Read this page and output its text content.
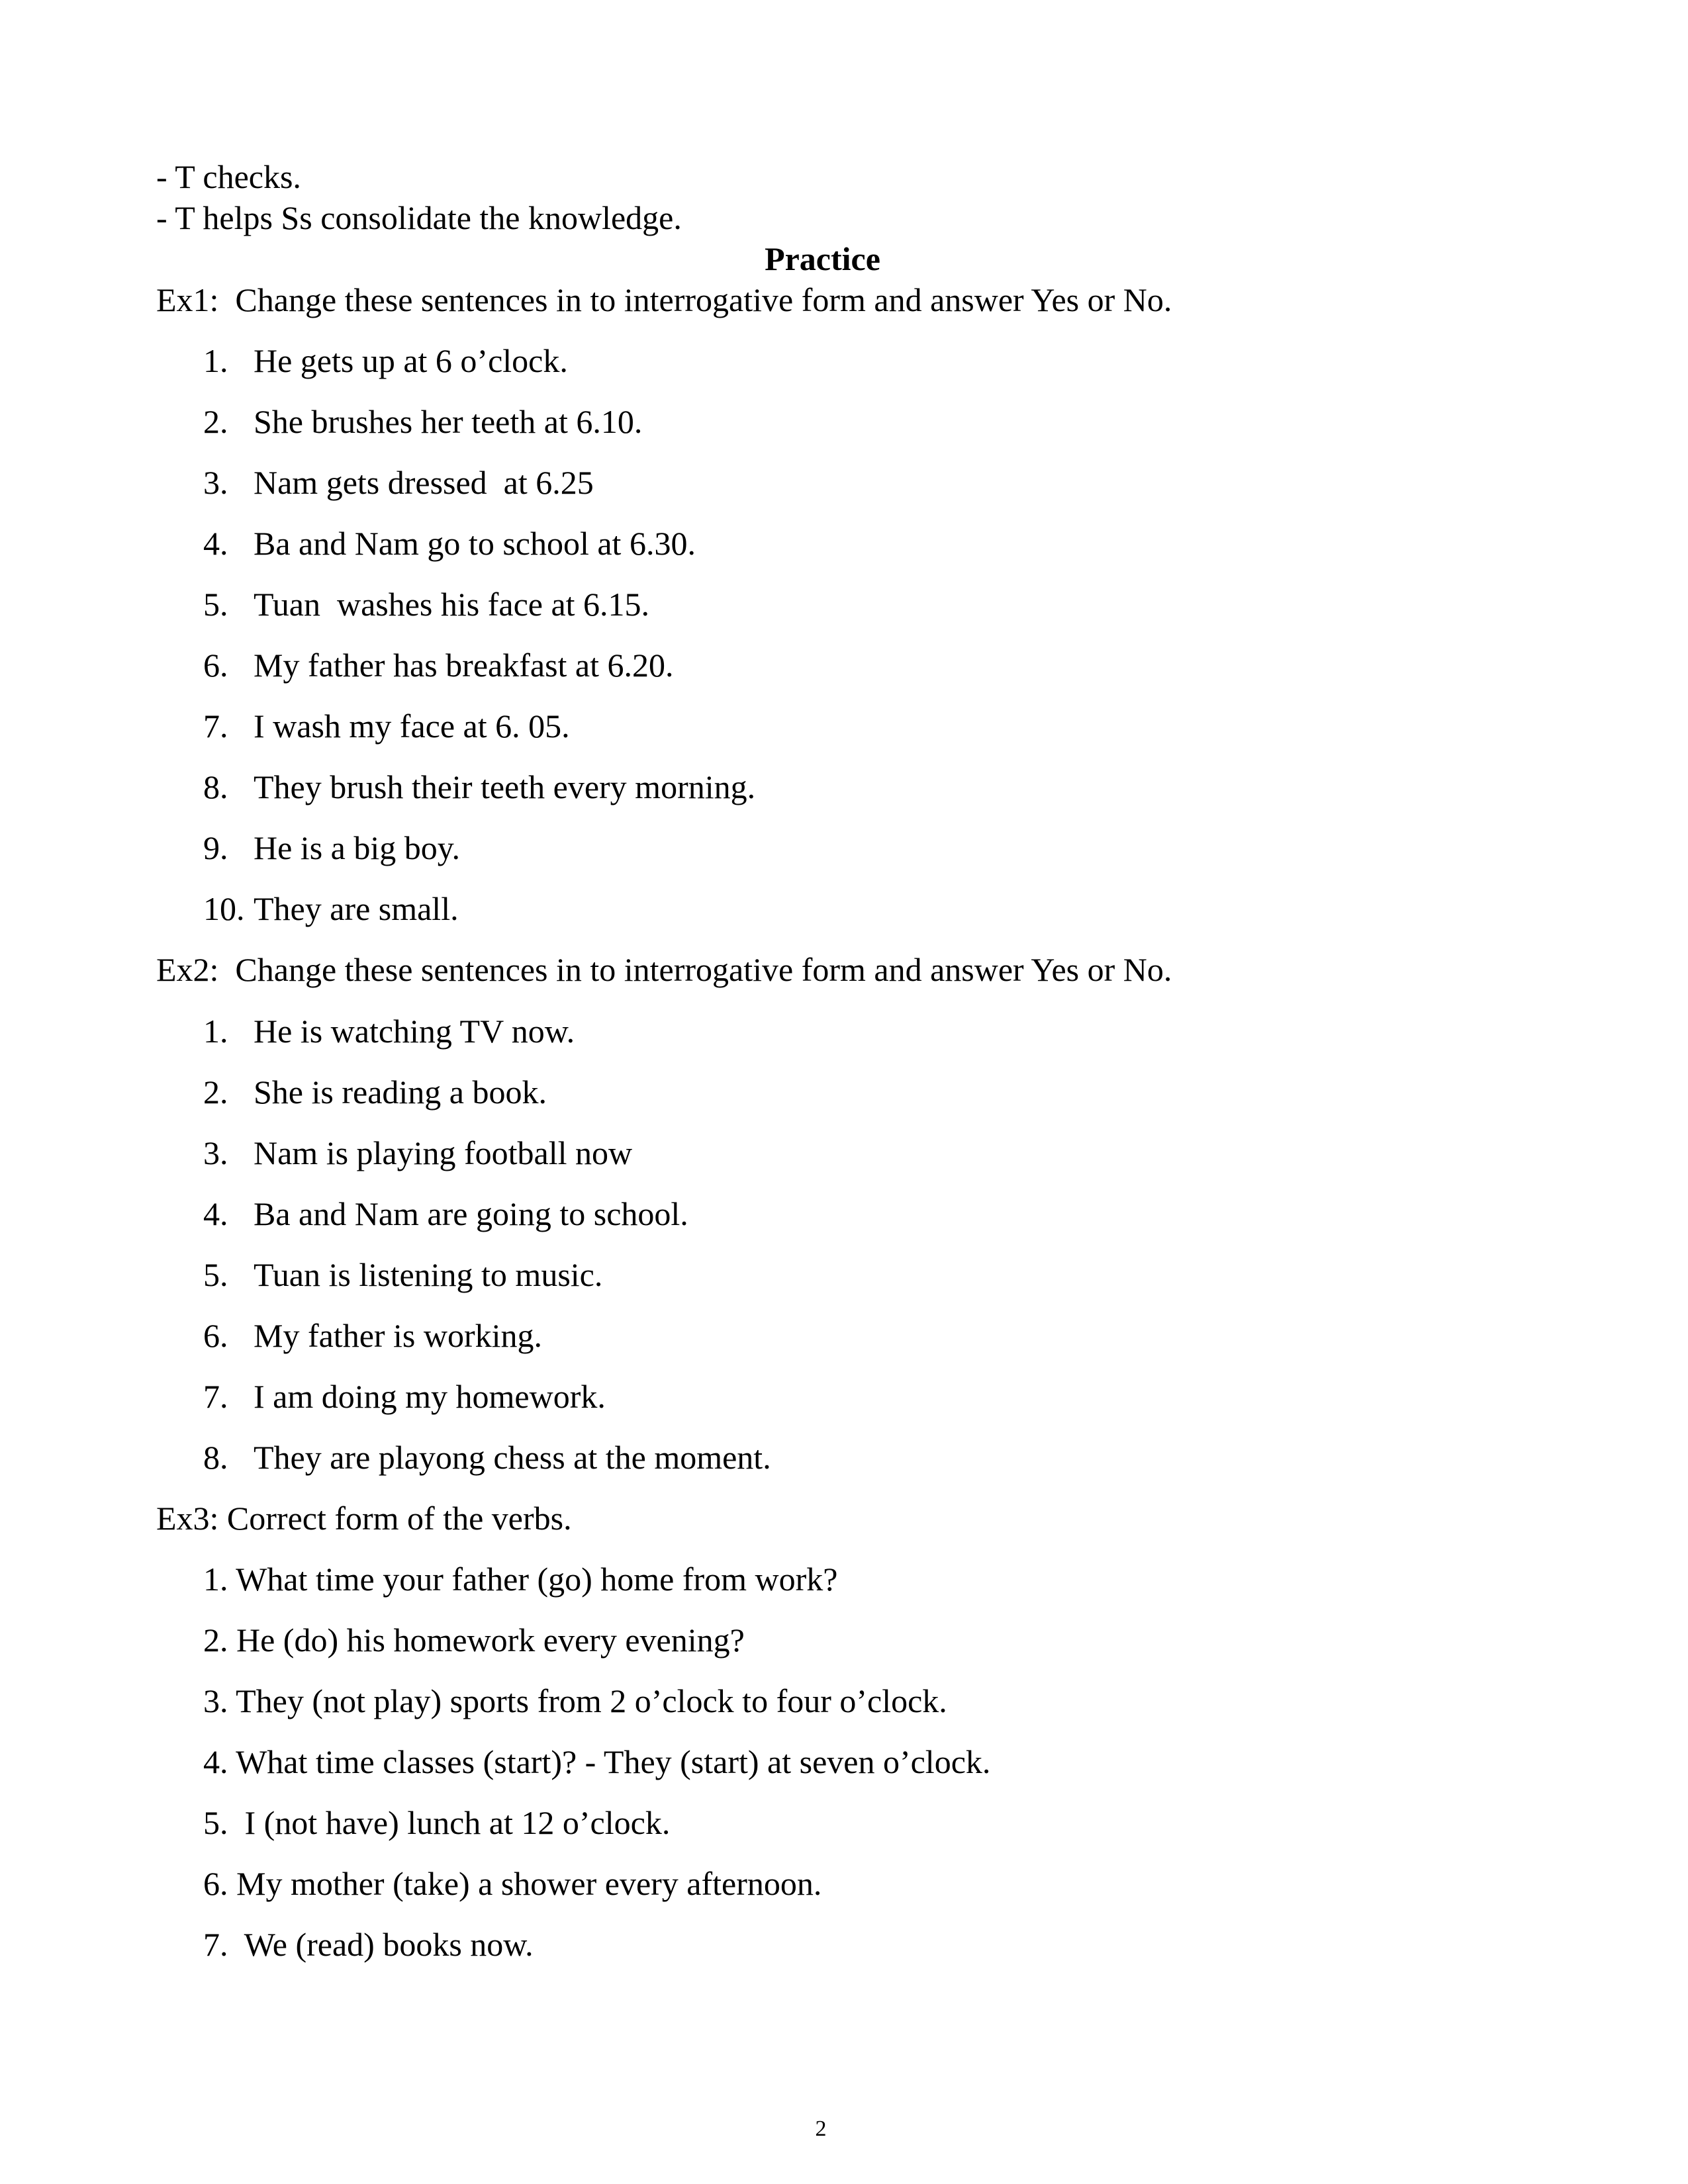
- T checks.
- T helps Ss consolidate the knowledge.
Practice
Ex1:  Change these sentences in to interrogative form and answer Yes or No.
1. He gets up at 6 o’clock.
2. She brushes her teeth at 6.10.
3. Nam gets dressed  at 6.25
4. Ba and Nam go to school at 6.30.
5. Tuan  washes his face at 6.15.
6. My father has breakfast at 6.20.
7. I wash my face at 6. 05.
8. They brush their teeth every morning.
9. He is a big boy.
10. They are small.
Ex2:  Change these sentences in to interrogative form and answer Yes or No.
1. He is watching TV now.
2. She is reading a book.
3. Nam is playing football now
4. Ba and Nam are going to school.
5. Tuan is listening to music.
6. My father is working.
7. I am doing my homework.
8. They are playong chess at the moment.
Ex3: Correct form of the verbs.
1. What time your father (go) home from work?
2. He (do) his homework every evening?
3. They (not play) sports from 2 o’clock to four o’clock.
4. What time classes (start)? - They (start) at seven o’clock.
5.  I (not have) lunch at 12 o’clock.
6. My mother (take) a shower every afternoon.
7.  We (read) books now.
2
